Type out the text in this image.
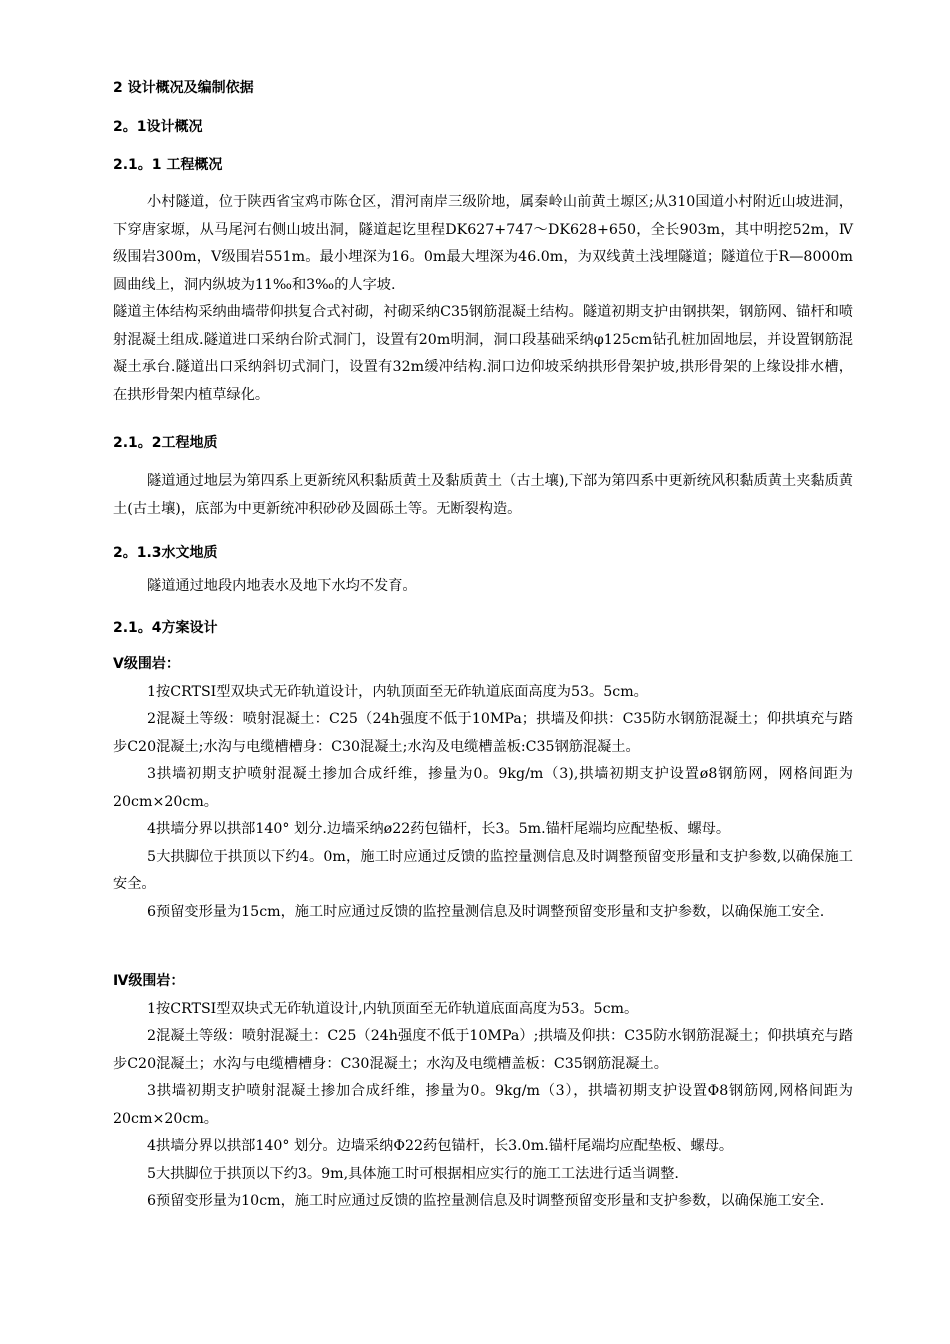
2 设计概况及编制依据
2。1设计概况
2.1。1 工程概况

小村隧道，位于陕西省宝鸡市陈仓区，渭河南岸三级阶地，属秦岭山前黄土塬区;从310国道小村附近山坡进洞，下穿唐家塬，从马尾河右侧山坡出洞，隧道起讫里程DK627+747～DK628+650，全长903m，其中明挖52m，Ⅳ级围岩300m，Ⅴ级围岩551m。最小埋深为16。0m最大埋深为46.0m，为双线黄土浅埋隧道；隧道位于R—8000m圆曲线上，洞内纵坡为11‰和3‰的人字坡.

隧道主体结构采纳曲墙带仰拱复合式衬砌，衬砌采纳C35钢筋混凝土结构。隧道初期支护由钢拱架，钢筋网、锚杆和喷射混凝土组成.隧道进口采纳台阶式洞门，设置有20m明洞，洞口段基础采纳φ125cm钻孔桩加固地层，并设置钢筋混凝土承台.隧道出口采纳斜切式洞门，设置有32m缓冲结构.洞口边仰坡采纳拱形骨架护坡,拱形骨架的上缘设排水槽，在拱形骨架内植草绿化。

2.1。2工程地质

隧道通过地层为第四系上更新统风积黏质黄土及黏质黄土（古土壤),下部为第四系中更新统风积黏质黄土夹黏质黄土(古土壤)，底部为中更新统冲积砂砂及圆砾土等。无断裂构造。

2。1.3水文地质

隧道通过地段内地表水及地下水均不发育。

2.1。4方案设计

Ⅴ级围岩：

1按CRTSI型双块式无砟轨道设计，内轨顶面至无砟轨道底面高度为53。5cm。

2混凝土等级：喷射混凝土：C25（24h强度不低于10MPa；拱墙及仰拱：C35防水钢筋混凝土；仰拱填充与踏步C20混凝土;水沟与电缆槽槽身：C30混凝土;水沟及电缆槽盖板:C35钢筋混凝土。

3拱墙初期支护喷射混凝土掺加合成纤维，掺量为0。9kg/m（3),拱墙初期支护设置ø8钢筋网，网格间距为20cm×20cm。

4拱墙分界以拱部140° 划分.边墙采纳ø22药包锚杆，长3。5m.锚杆尾端均应配垫板、螺母。

5大拱脚位于拱顶以下约4。0m，施工时应通过反馈的监控量测信息及时调整预留变形量和支护参数,以确保施工安全。

6预留变形量为15cm，施工时应通过反馈的监控量测信息及时调整预留变形量和支护参数，以确保施工安全.

Ⅳ级围岩：

1按CRTSI型双块式无砟轨道设计,内轨顶面至无砟轨道底面高度为53。5cm。

2混凝土等级：喷射混凝土：C25（24h强度不低于10MPa）;拱墙及仰拱：C35防水钢筋混凝土；仰拱填充与踏步C20混凝土；水沟与电缆槽槽身：C30混凝土；水沟及电缆槽盖板：C35钢筋混凝土。

3拱墙初期支护喷射混凝土掺加合成纤维，掺量为0。9kg/m（3），拱墙初期支护设置Φ8钢筋网,网格间距为20cm×20cm。

4拱墙分界以拱部140° 划分。边墙采纳Φ22药包锚杆，长3.0m.锚杆尾端均应配垫板、螺母。

5大拱脚位于拱顶以下约3。9m,具体施工时可根据相应实行的施工工法进行适当调整.

6预留变形量为10cm，施工时应通过反馈的监控量测信息及时调整预留变形量和支护参数，以确保施工安全.
